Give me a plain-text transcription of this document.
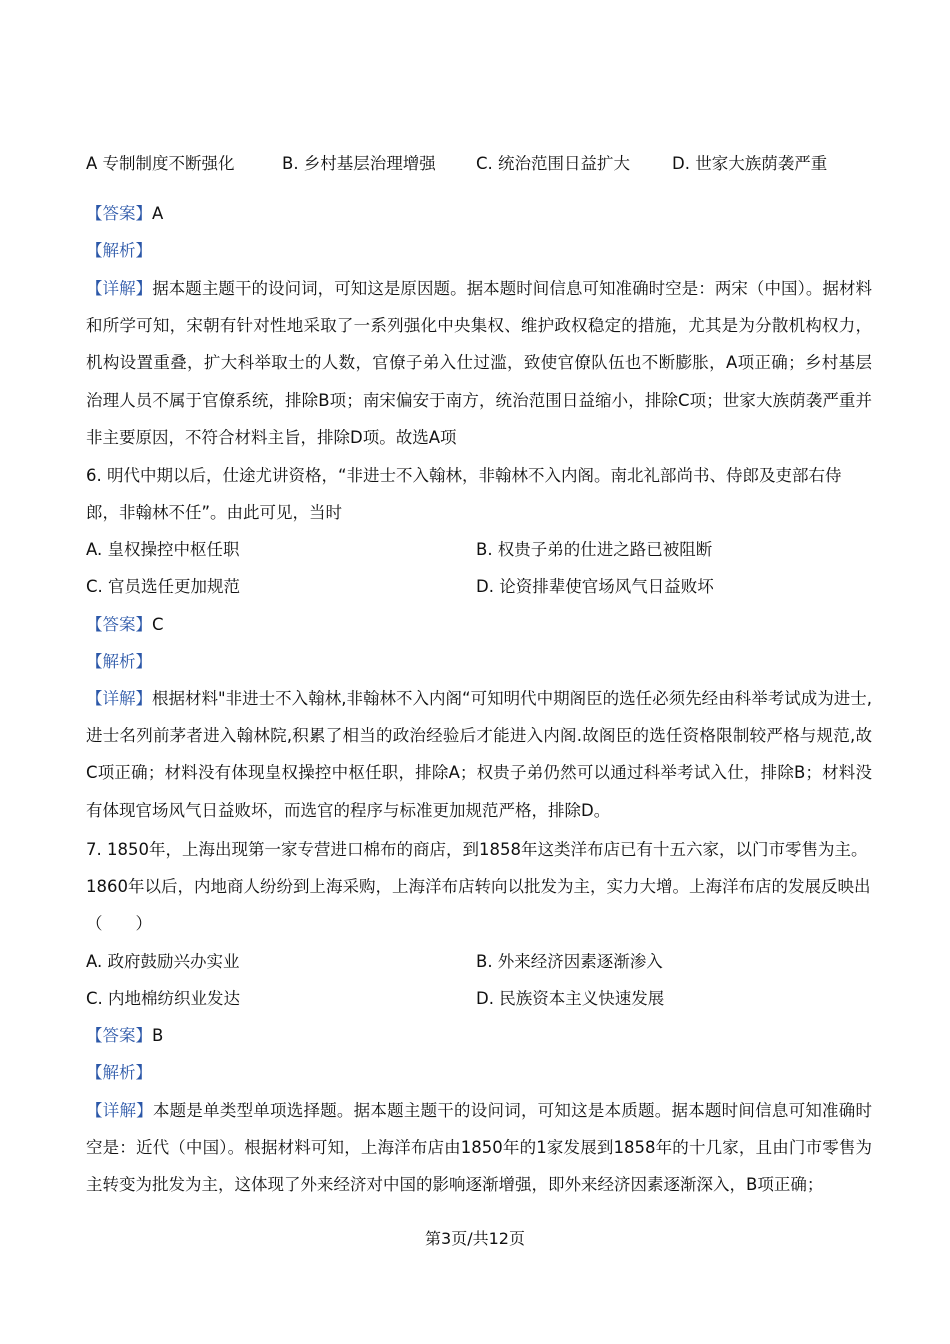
A 专制制度不断强化	B. 乡村基层治理增强 C. 统治范围日益扩大	D. 世家大族荫袭严重
【答案】A
【解析】
【详解】据本题主题干的设问词，可知这是原因题。据本题时间信息可知准确时空是：两宋（中国）。据材料和所学可知，宋朝有针对性地采取了一系列强化中央集权、维护政权稳定的措施，尤其是为分散机构权力，机构设置重叠，扩大科举取士的人数，官僚子弟入仕过滥，致使官僚队伍也不断膨胀，A项正确；乡村基层治理人员不属于官僚系统，排除B项；南宋偏安于南方，统治范围日益缩小，排除C项；世家大族荫袭严重并非主要原因，不符合材料主旨，排除D项。故选A项
6. 明代中期以后，仕途尤讲资格，“非进士不入翰林，非翰林不入内阁。南北礼部尚书、侍郎及吏部右侍郎，非翰林不任”。由此可见，当时
A. 皇权操控中枢任职	B. 权贵子弟的仕进之路已被阻断
C. 官员选任更加规范	D. 论资排辈使官场风气日益败坏
【答案】C
【解析】
【详解】根据材料"非进士不入翰林,非翰林不入内阁“可知明代中期阁臣的选任必须先经由科举考试成为进士,进士名列前茅者进入翰林院,积累了相当的政治经验后才能进入内阁.故阁臣的选任资格限制较严格与规范,故C项正确；材料没有体现皇权操控中枢任职，排除A；权贵子弟仍然可以通过科举考试入仕，排除B；材料没有体现官场风气日益败坏，而选官的程序与标准更加规范严格，排除D。
7. 1850年，上海出现第一家专营进口棉布的商店，到1858年这类洋布店已有十五六家，以门市零售为主。1860年以后，内地商人纷纷到上海采购，上海洋布店转向以批发为主，实力大增。上海洋布店的发展反映出（　　）
A. 政府鼓励兴办实业	B. 外来经济因素逐渐渗入
C. 内地棉纺织业发达	D. 民族资本主义快速发展
【答案】B
【解析】
【详解】本题是单类型单项选择题。据本题主题干的设问词，可知这是本质题。据本题时间信息可知准确时空是：近代（中国）。根据材料可知，上海洋布店由1850年的1家发展到1858年的十几家，且由门市零售为主转变为批发为主，这体现了外来经济对中国的影响逐渐增强，即外来经济因素逐渐深入，B项正确；
第3页/共12页
